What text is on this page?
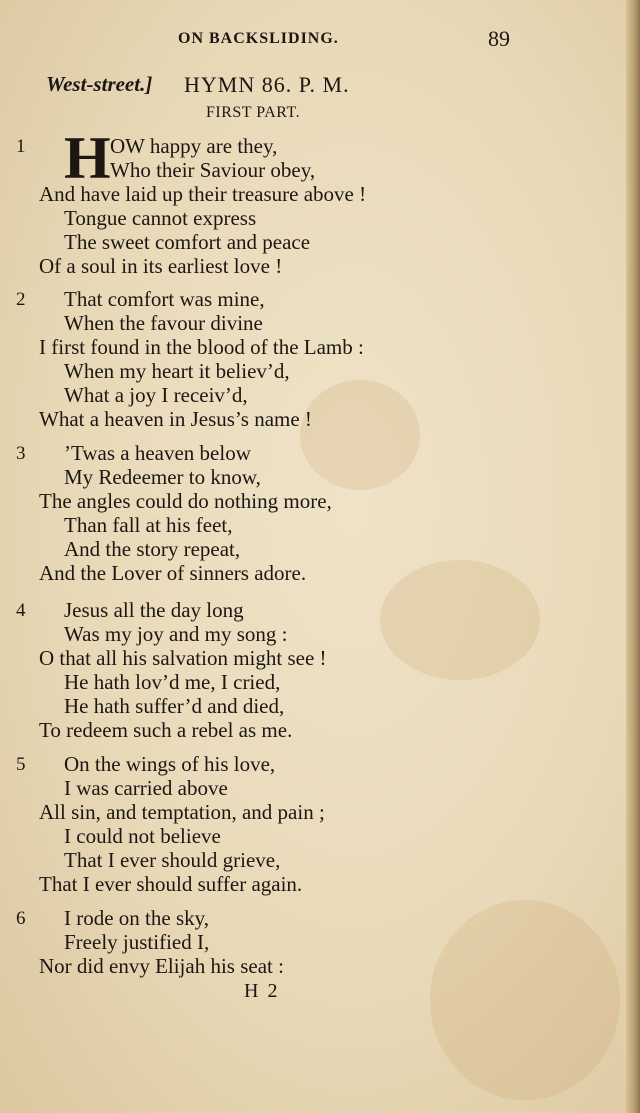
ON BACKSLIDING.	89
West-street.] HYMN 86. P. M.
FIRST PART.
H
1	OW happy are they,
Who their Saviour obey,
And have laid up their treasure above !
Tongue cannot express
The sweet comfort and peace
Of a soul in its earliest love !
2 That comfort was mine,
When the favour divine
I first found in the blood of the Lamb :
When my heart it believ’d,
What a joy I receiv’d,
What a heaven in Jesus’s name !
3 ’Twas a heaven below
My Redeemer to know,
The angles could do nothing more,
Than fall at his feet,
And the story repeat,
And the Lover of sinners adore.
4 Jesus all the day long
Was my joy and my song :
O that all his salvation might see !
He hath lov’d me, I cried,
He hath suffer’d and died,
To redeem such a rebel as me.
5 On the wings of his love,
I was carried above
All sin, and temptation, and pain ;
I could not believe
That I ever should grieve,
That I ever should suffer again.
6 I rode on the sky,
Freely justified I,
Nor did envy Elijah his seat :
H 2
